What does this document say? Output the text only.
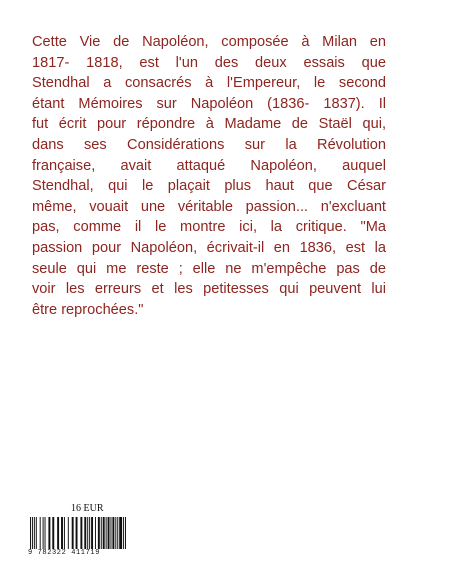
Cette Vie de Napoléon, composée à Milan en
1817- 1818, est l'un des deux essais que
Stendhal a consacrés à l'Empereur, le second
étant Mémoires sur Napoléon (1836- 1837). Il
fut écrit pour répondre à Madame de Staël qui,
dans ses Considérations sur la Révolution
française, avait attaqué Napoléon, auquel
Stendhal, qui le plaçait plus haut que César
même, vouait une véritable passion... n'excluant
pas, comme il le montre ici, la critique. "Ma
passion pour Napoléon, écrivait-il en 1836, est la
seule qui me reste ; elle ne m'empêche pas de
voir les erreurs et les petitesses qui peuvent lui
être reprochées."
16 EUR
9 782322 411719
